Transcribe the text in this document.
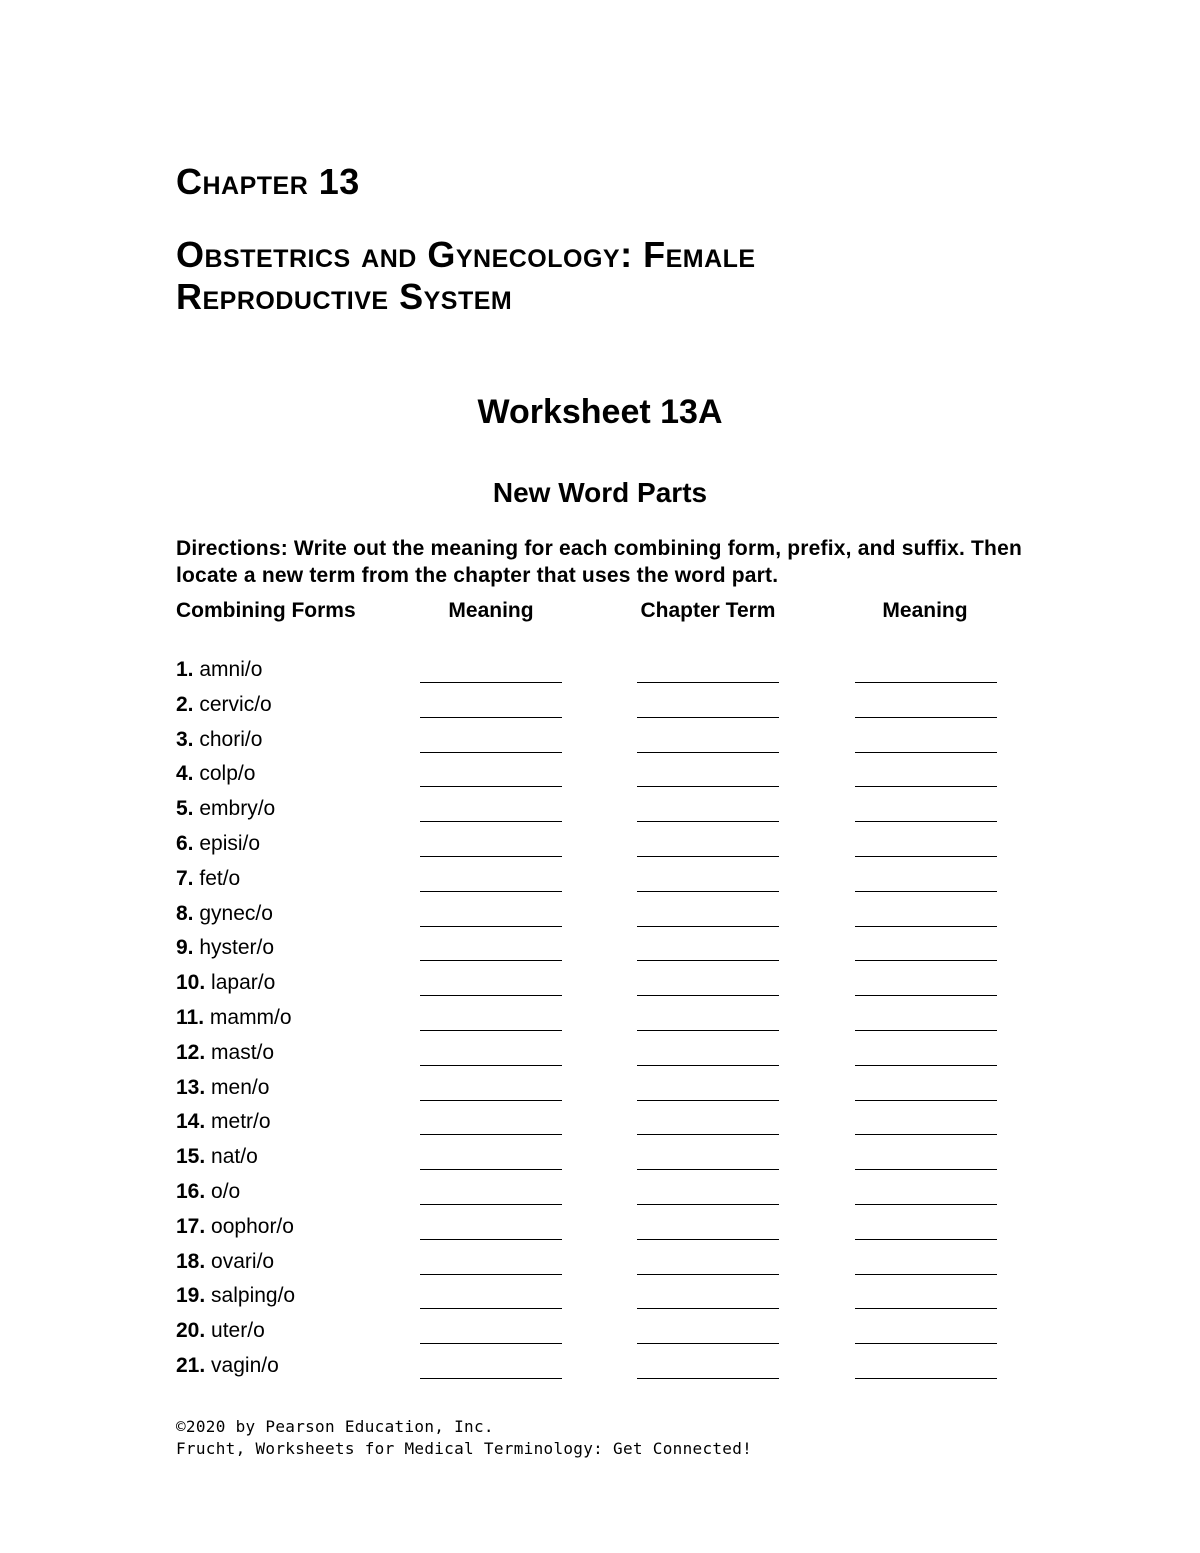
Chapter 13
Obstetrics and Gynecology: Female
Reproductive System
Worksheet 13A
New Word Parts
Directions: Write out the meaning for each combining form, prefix, and suffix. Then locate a new term from the chapter that uses the word part.
Combining Forms	Meaning	Chapter Term	Meaning
1. amni/o
2. cervic/o
3. chori/o
4. colp/o
5. embry/o
6. episi/o
7. fet/o
8. gynec/o
9. hyster/o
10. lapar/o
11. mamm/o
12. mast/o
13. men/o
14. metr/o
15. nat/o
16. o/o
17. oophor/o
18. ovari/o
19. salping/o
20. uter/o
21. vagin/o
©2020 by Pearson Education, Inc.
Frucht, Worksheets for Medical Terminology: Get Connected!
